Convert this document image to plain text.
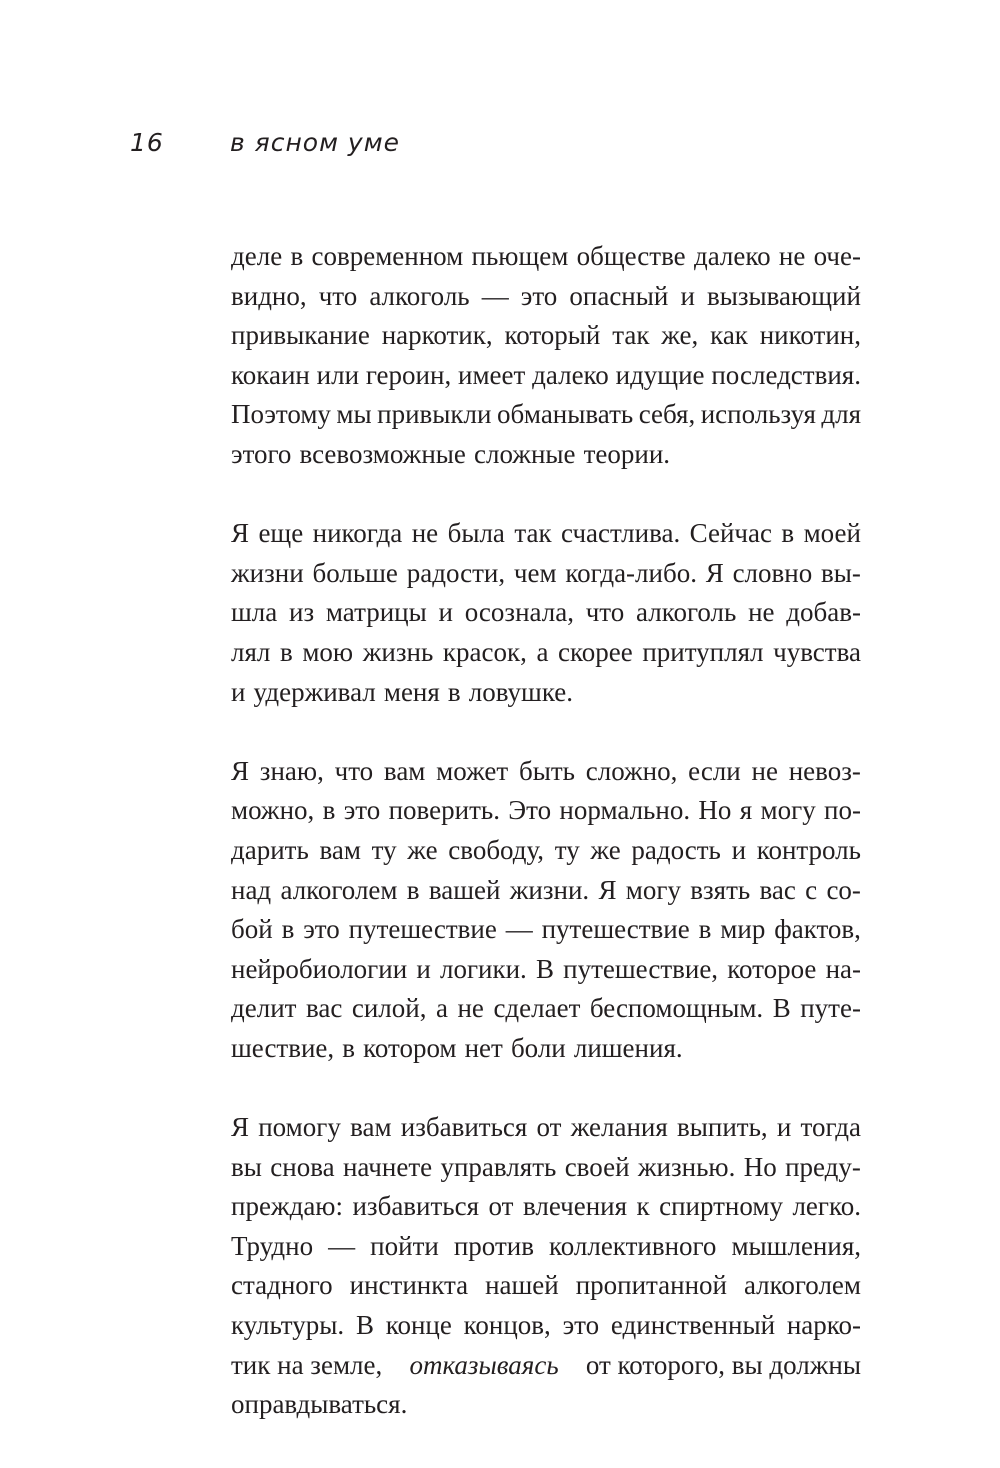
16	в ясном уме
деле в современном пьющем обществе далеко не оче-
видно, что алкоголь — это опасный и вызывающий
привыкание наркотик, который так же, как никотин,
кокаин или героин, имеет далеко идущие последствия.
Поэтому мы привыкли обманывать себя, используя для
этого всевозможные сложные теории.
Я еще никогда не была так счастлива. Сейчас в моей
жизни больше радости, чем когда-либо. Я словно вы-
шла из матрицы и осознала, что алкоголь не добав-
лял в мою жизнь красок, а скорее притуплял чувства
и удерживал меня в ловушке.
Я знаю, что вам может быть сложно, если не невоз-
можно, в это поверить. Это нормально. Но я могу по-
дарить вам ту же свободу, ту же радость и контроль
над алкоголем в вашей жизни. Я могу взять вас с со-
бой в это путешествие — путешествие в мир фактов,
нейробиологии и логики. В путешествие, которое на-
делит вас силой, а не сделает беспомощным. В путе-
шествие, в котором нет боли лишения.
Я помогу вам избавиться от желания выпить, и тогда
вы снова начнете управлять своей жизнью. Но преду-
преждаю: избавиться от влечения к спиртному легко.
Трудно — пойти против коллективного мышления,
стадного инстинкта нашей пропитанной алкоголем
культуры. В конце концов, это единственный нарко-
тик на земле, отказываясь от которого, вы должны
оправдываться.
